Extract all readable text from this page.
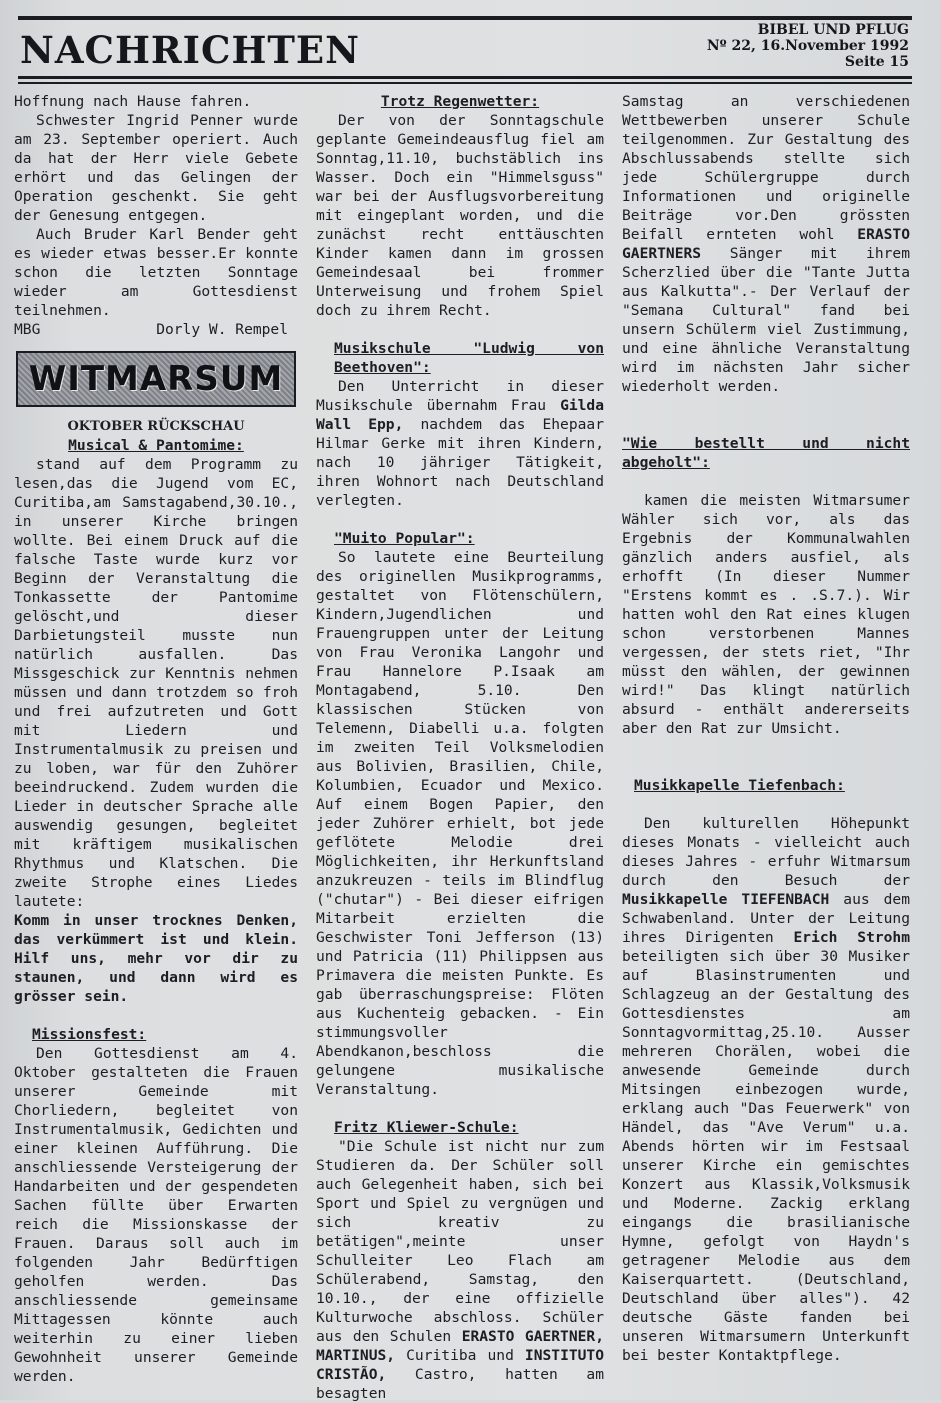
NACHRICHTEN	BIBEL UND PFLUG
Nº 22, 16.November 1992
Seite 15

Hoffnung nach Hause fahren.

Schwester Ingrid Penner wurde am 23. September operiert. Auch da hat der Herr viele Gebete erhört und das Gelingen der Operation geschenkt. Sie geht der Genesung entgegen.

Auch Bruder Karl Bender geht es wieder etwas besser.Er konnte schon die letzten Sonntage wieder am Gottesdienst teilnehmen.

MBG	Dorly W. Rempel

WITMARSUM

OKTOBER RÜCKSCHAU

Musical & Pantomime:

stand auf dem Programm zu lesen,das die Jugend vom EC, Curitiba,am Samstagabend,30.10., in unserer Kirche bringen wollte. Bei einem Druck auf die falsche Taste wurde kurz vor Beginn der Veranstaltung die Tonkassette der Pantomime gelöscht,und dieser Darbietungsteil musste nun natürlich ausfallen. Das Missgeschick zur Kenntnis nehmen müssen und dann trotzdem so froh und frei aufzutreten und Gott mit Liedern und Instrumentalmusik zu preisen und zu loben, war für den Zuhörer beeindruckend. Zudem wurden die Lieder in deutscher Sprache alle auswendig gesungen, begleitet mit kräftigem musikalischen Rhythmus und Klatschen. Die zweite Strophe eines Liedes lautete:

Komm in unser trocknes Denken, das verkümmert ist und klein. Hilf uns, mehr vor dir zu staunen, und dann wird es grösser sein.

Missionsfest:

Den Gottesdienst am 4. Oktober gestalteten die Frauen unserer Gemeinde mit Chorliedern, begleitet von Instrumentalmusik, Gedichten und einer kleinen Aufführung. Die anschliessende Versteigerung der Handarbeiten und der gespendeten Sachen füllte über Erwarten reich die Missionskasse der Frauen. Daraus soll auch im folgenden Jahr Bedürftigen geholfen werden. Das anschliessende gemeinsame Mittagessen könnte auch weiterhin zu einer lieben Gewohnheit unserer Gemeinde werden.

Trotz Regenwetter:

Der von der Sonntagschule geplante Gemeindeausflug fiel am Sonntag,11.10, buchstäblich ins Wasser. Doch ein "Himmelsguss" war bei der Ausflugsvorbereitung mit eingeplant worden, und die zunächst recht enttäuschten Kinder kamen dann im grossen Gemeindesaal bei frommer Unterweisung und frohem Spiel doch zu ihrem Recht.

Musikschule "Ludwig von Beethoven":

Den Unterricht in dieser Musikschule übernahm Frau Gilda Wall Epp, nachdem das Ehepaar Hilmar Gerke mit ihren Kindern, nach 10 jähriger Tätigkeit, ihren Wohnort nach Deutschland verlegten.

"Muito Popular":

So lautete eine Beurteilung des originellen Musikprogramms, gestaltet von Flötenschülern, Kindern,Jugendlichen und Frauengruppen unter der Leitung von Frau Veronika Langohr und Frau Hannelore P.Isaak am Montagabend, 5.10. Den klassischen Stücken von Telemenn, Diabelli u.a. folgten im zweiten Teil Volksmelodien aus Bolivien, Brasilien, Chile, Kolumbien, Ecuador und Mexico. Auf einem Bogen Papier, den jeder Zuhörer erhielt, bot jede geflötete Melodie drei Möglichkeiten, ihr Herkunftsland anzukreuzen - teils im Blindflug ("chutar") - Bei dieser eifrigen Mitarbeit erzielten die Geschwister Toni Jefferson (13) und Patricia (11) Philippsen aus Primavera die meisten Punkte. Es gab überraschungspreise: Flöten aus Kuchenteig gebacken. - Ein stimmungsvoller Abendkanon,beschloss die gelungene musikalische Veranstaltung.

Fritz Kliewer-Schule:

"Die Schule ist nicht nur zum Studieren da. Der Schüler soll auch Gelegenheit haben, sich bei Sport und Spiel zu vergnügen und sich kreativ zu betätigen",meinte unser Schulleiter Leo Flach am Schülerabend, Samstag, den 10.10., der eine offizielle Kulturwoche abschloss. Schüler aus den Schulen ERASTO GAERTNER, MARTINUS, Curitiba und INSTITUTO CRISTÃO, Castro, hatten am besagten

Samstag an verschiedenen Wettbewerben unserer Schule teilgenommen. Zur Gestaltung des Abschlussabends stellte sich jede Schülergruppe durch Informationen und originelle Beiträge vor.Den grössten Beifall ernteten wohl ERASTO GAERTNERS Sänger mit ihrem Scherzlied über die "Tante Jutta aus Kalkutta".- Der Verlauf der "Semana Cultural" fand bei unsern Schülerm viel Zustimmung, und eine ähnliche Veranstaltung wird im nächsten Jahr sicher wiederholt werden.

"Wie bestellt und nicht abgeholt":

kamen die meisten Witmarsumer Wähler sich vor, als das Ergebnis der Kommunalwahlen gänzlich anders ausfiel, als erhofft (In dieser Nummer "Erstens kommt es . .S.7.). Wir hatten wohl den Rat eines klugen schon verstorbenen Mannes vergessen, der stets riet, "Ihr müsst den wählen, der gewinnen wird!" Das klingt natürlich absurd - enthält andererseits aber den Rat zur Umsicht.

Musikkapelle Tiefenbach:

Den kulturellen Höhepunkt dieses Monats - vielleicht auch dieses Jahres - erfuhr Witmarsum durch den Besuch der Musikkapelle TIEFENBACH aus dem Schwabenland. Unter der Leitung ihres Dirigenten Erich Strohm beteiligten sich über 30 Musiker auf Blasinstrumenten und Schlagzeug an der Gestaltung des Gottesdienstes am Sonntagvormittag,25.10. Ausser mehreren Chorälen, wobei die anwesende Gemeinde durch Mitsingen einbezogen wurde, erklang auch "Das Feuerwerk" von Händel, das "Ave Verum" u.a. Abends hörten wir im Festsaal unserer Kirche ein gemischtes Konzert aus Klassik,Volksmusik und Moderne. Zackig erklang eingangs die brasilianische Hymne, gefolgt von Haydn's getragener Melodie aus dem Kaiserquartett. (Deutschland, Deutschland über alles"). 42 deutsche Gäste fanden bei unseren Witmarsumern Unterkunft bei bester Kontaktpflege.
